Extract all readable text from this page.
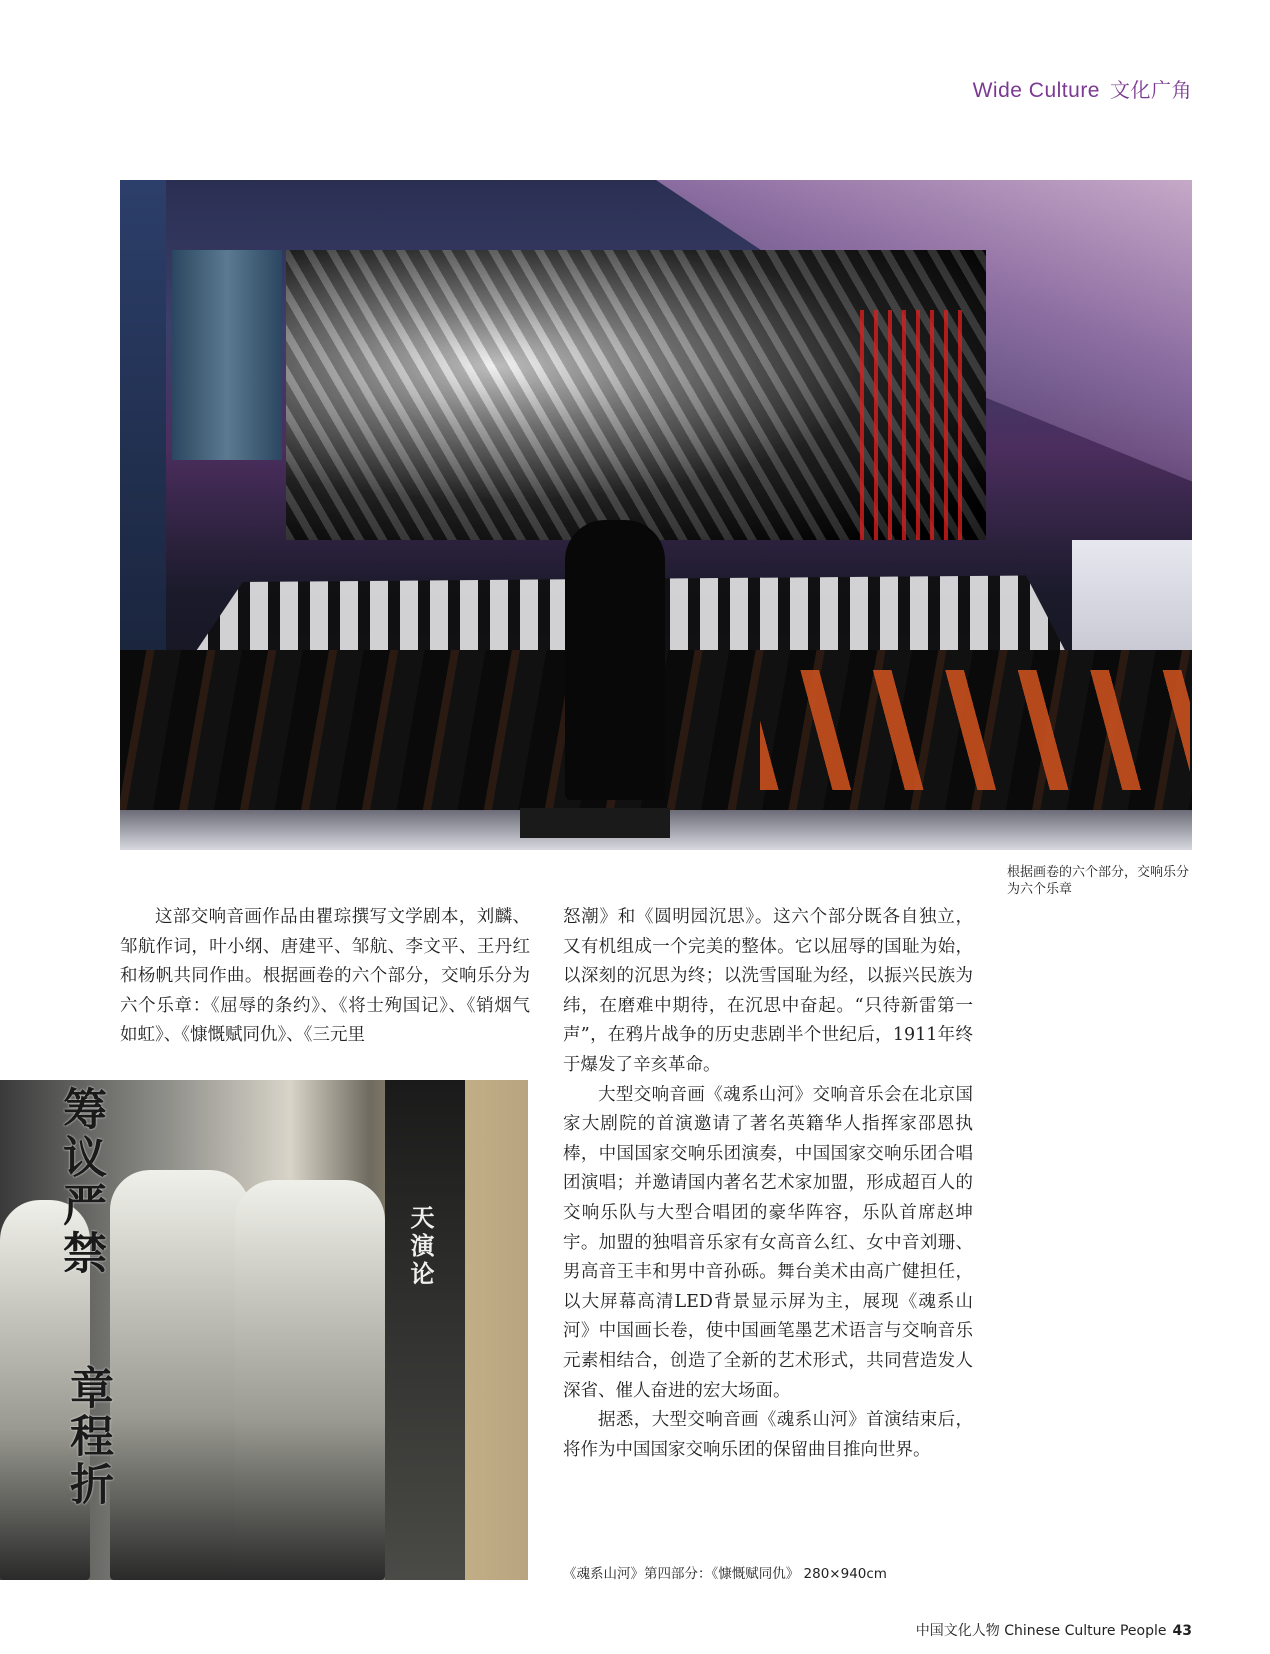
Wide Culture 文化广角
根据画卷的六个部分，交响乐分为六个乐章

这部交响音画作品由瞿琮撰写文学剧本，刘麟、邹航作词，叶小纲、唐建平、邹航、李文平、王丹红和杨帆共同作曲。根据画卷的六个部分，交响乐分为六个乐章：《屈辱的条约》、《将士殉国记》、《销烟气如虹》、《慷慨赋同仇》、《三元里

怒潮》和《圆明园沉思》。这六个部分既各自独立，又有机组成一个完美的整体。它以屈辱的国耻为始，以深刻的沉思为终；以洗雪国耻为经，以振兴民族为纬，在磨难中期待，在沉思中奋起。“只待新雷第一声”，在鸦片战争的历史悲剧半个世纪后，1911年终于爆发了辛亥革命。

大型交响音画《魂系山河》交响音乐会在北京国家大剧院的首演邀请了著名英籍华人指挥家邵恩执棒，中国国家交响乐团演奏，中国国家交响乐团合唱团演唱；并邀请国内著名艺术家加盟，形成超百人的交响乐队与大型合唱团的豪华阵容，乐队首席赵坤宇。加盟的独唱音乐家有女高音么红、女中音刘珊、男高音王丰和男中音孙砾。舞台美术由高广健担任，以大屏幕高清LED背景显示屏为主，展现《魂系山河》中国画长卷，使中国画笔墨艺术语言与交响音乐元素相结合，创造了全新的艺术形式，共同营造发人深省、催人奋进的宏大场面。

据悉，大型交响音画《魂系山河》首演结束后，将作为中国国家交响乐团的保留曲目推向世界。

筹议严禁
章程折
天演论
《魂系山河》第四部分：《慷慨赋同仇》 280×940cm
中国文化人物 Chinese Culture People 43
